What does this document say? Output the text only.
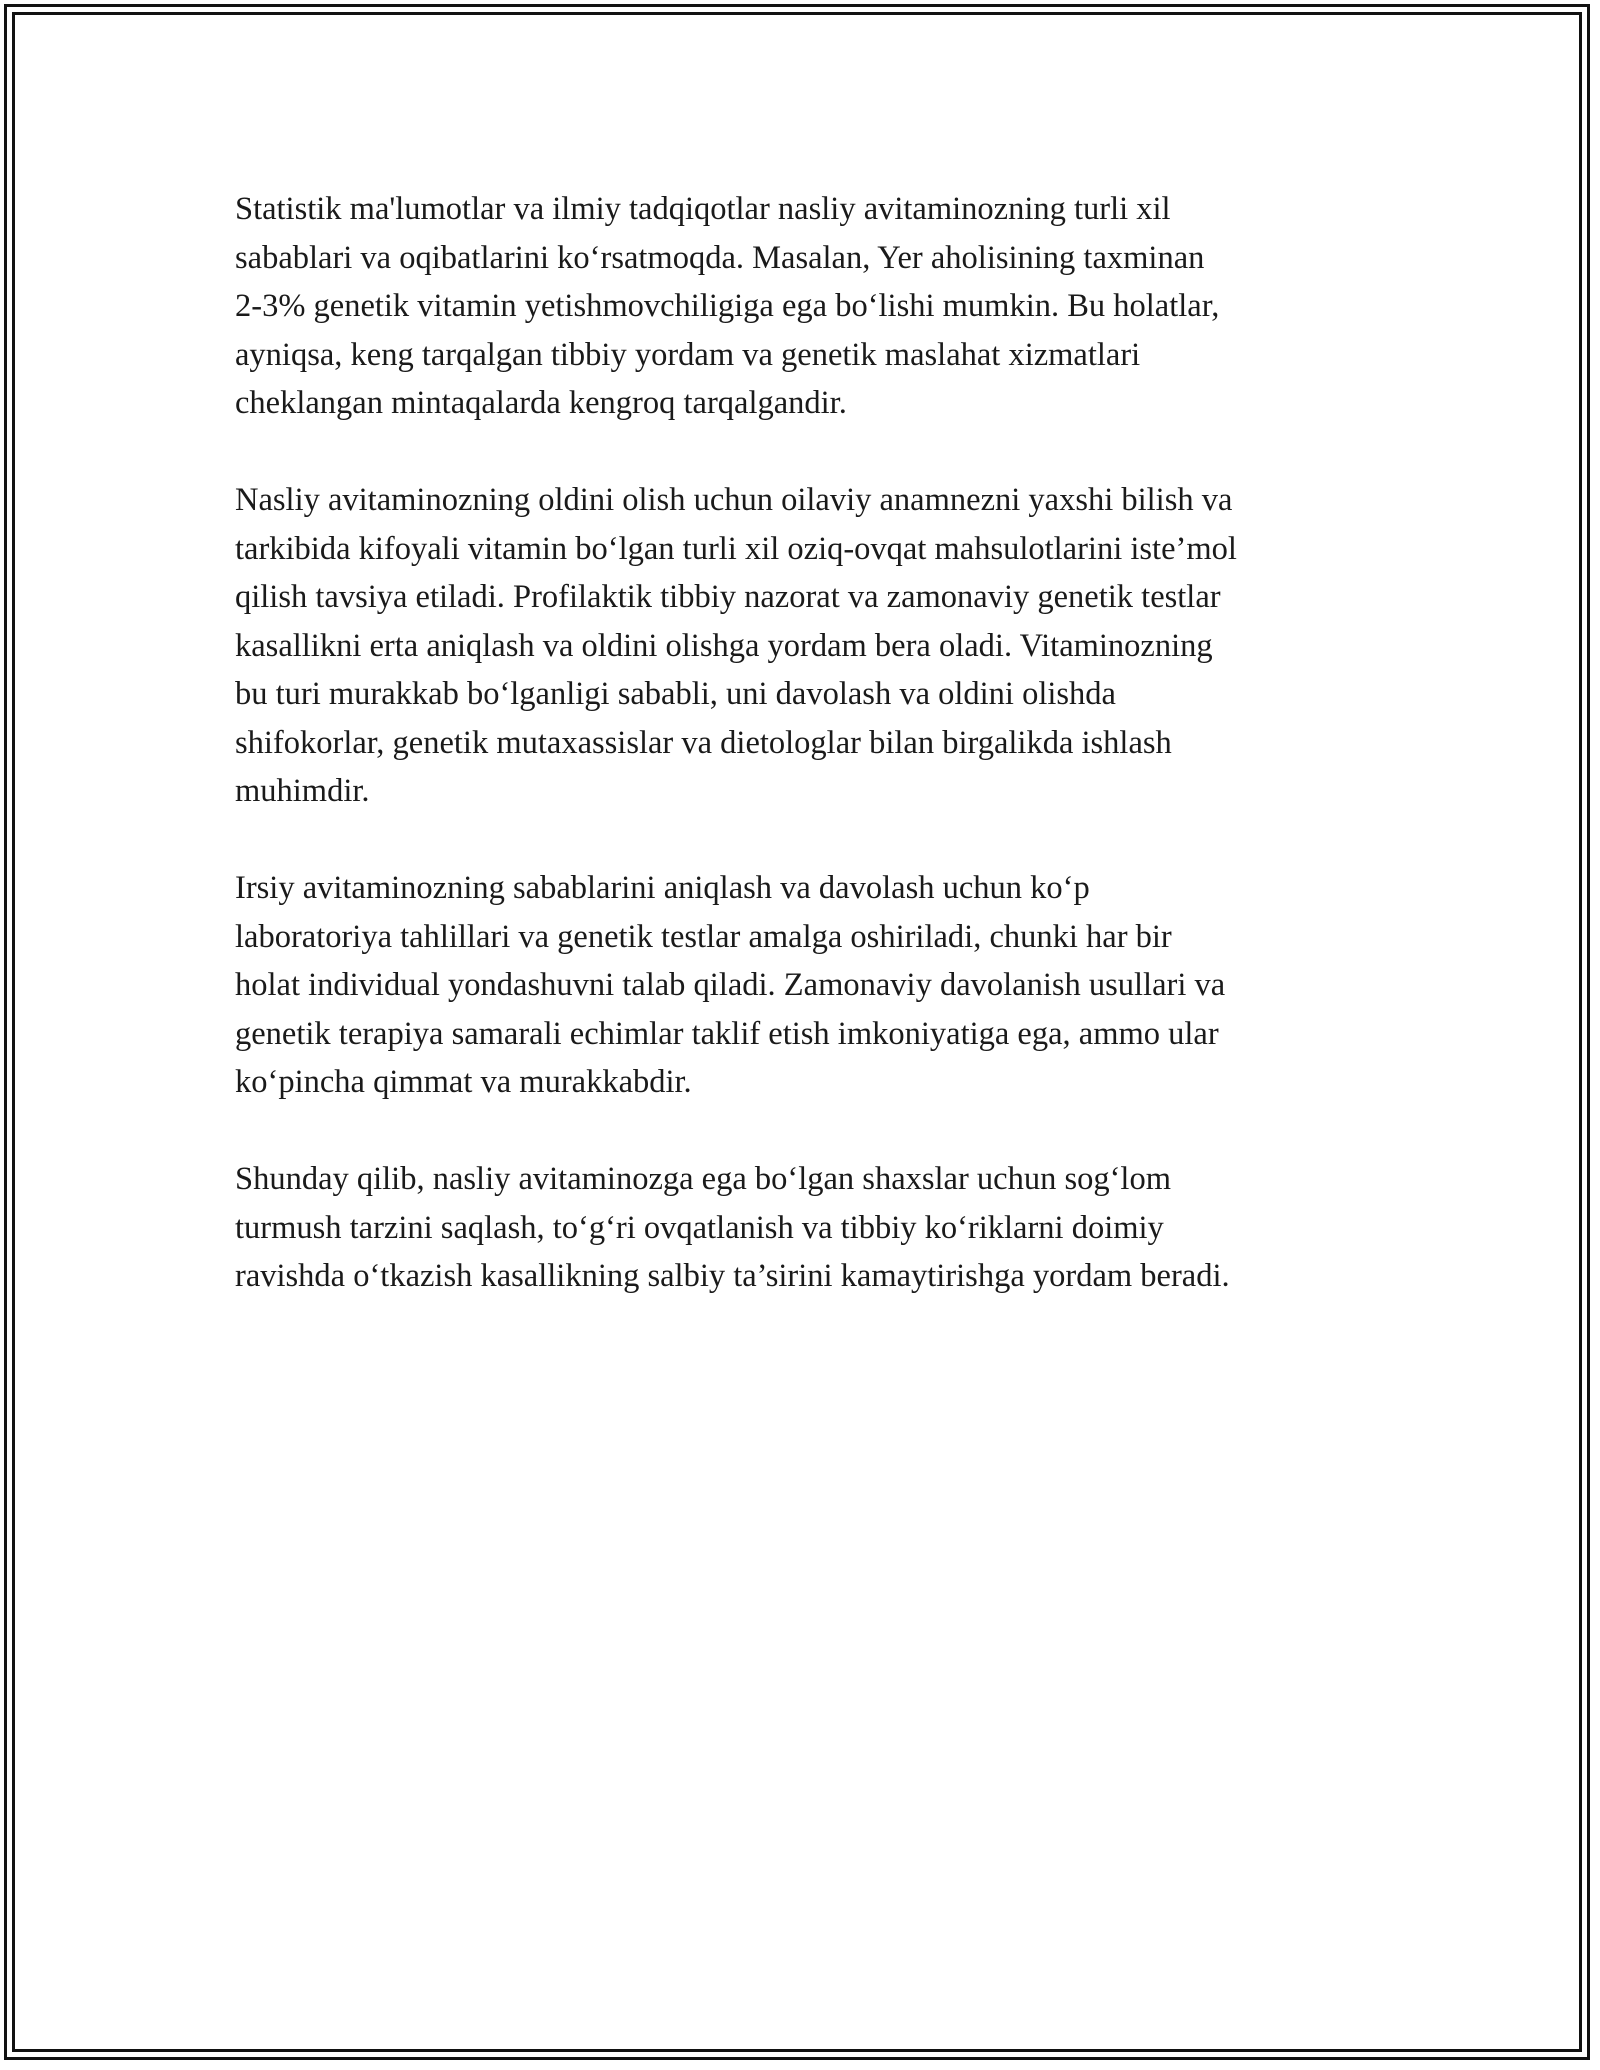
Statistik ma'lumotlar va ilmiy tadqiqotlar nasliy avitaminozning turli xil
sabablari va oqibatlarini ko‘rsatmoqda. Masalan, Yer aholisining taxminan
2-3% genetik vitamin yetishmovchiligiga ega bo‘lishi mumkin. Bu holatlar,
ayniqsa, keng tarqalgan tibbiy yordam va genetik maslahat xizmatlari
cheklangan mintaqalarda kengroq tarqalgandir.

Nasliy avitaminozning oldini olish uchun oilaviy anamnezni yaxshi bilish va
tarkibida kifoyali vitamin bo‘lgan turli xil oziq-ovqat mahsulotlarini iste’mol
qilish tavsiya etiladi. Profilaktik tibbiy nazorat va zamonaviy genetik testlar
kasallikni erta aniqlash va oldini olishga yordam bera oladi. Vitaminozning
bu turi murakkab bo‘lganligi sababli, uni davolash va oldini olishda
shifokorlar, genetik mutaxassislar va dietologlar bilan birgalikda ishlash
muhimdir.

Irsiy avitaminozning sabablarini aniqlash va davolash uchun ko‘p
laboratoriya tahlillari va genetik testlar amalga oshiriladi, chunki har bir
holat individual yondashuvni talab qiladi. Zamonaviy davolanish usullari va
genetik terapiya samarali echimlar taklif etish imkoniyatiga ega, ammo ular
ko‘pincha qimmat va murakkabdir.

Shunday qilib, nasliy avitaminozga ega bo‘lgan shaxslar uchun sog‘lom
turmush tarzini saqlash, to‘g‘ri ovqatlanish va tibbiy ko‘riklarni doimiy
ravishda o‘tkazish kasallikning salbiy ta’sirini kamaytirishga yordam beradi.
